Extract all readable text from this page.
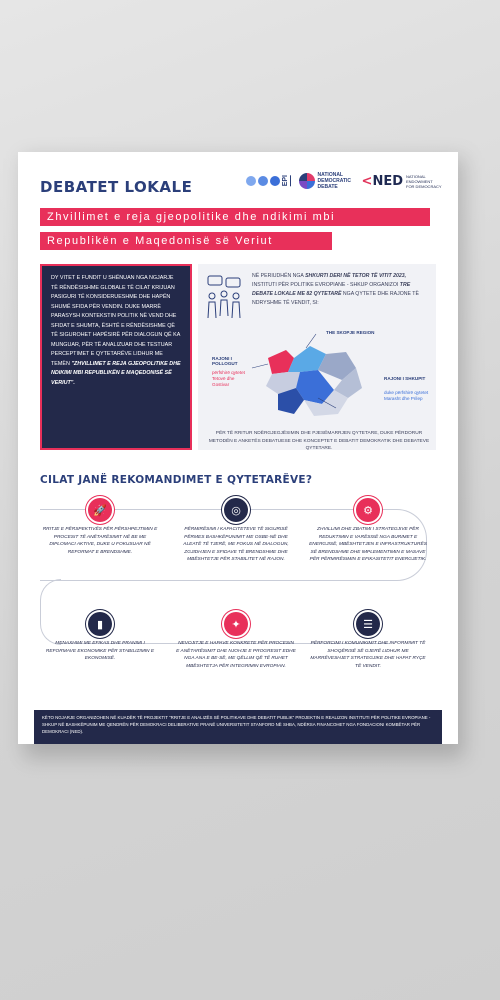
DEBATET LOKALE	EPI
NATIONAL DEMOCRATIC DEBATE	<NED NATIONAL ENDOWMENT FOR DEMOCRACY
Zhvillimet e reja gjeopolitike dhe ndikimi mbi
Republikën e Maqedonisë së Veriut
DY VITET E FUNDIT U SHËNUAN NGA NGJARJE TË RËNDËSISHME GLOBALE TË CILAT KRIJUAN PASIGURI TË KONSIDERUESHME DHE HAPËN SHUMË SFIDA PËR VENDIN. DUKE MARRË PARASYSH KONTEKSTIN POLITIK NË VEND DHE SFIDAT E SHUMTA, ËSHTË E RËNDËSISHME QË TË SIGUROHET HAPËSIRË PËR DIALOGUN QË KA MUNGUAR, PËR TË ANALIZUAR DHE TESTUAR PERCEPTIMET E QYTETARËVE LIDHUR ME TEMËN "ZHVILLIMET E REJA GJEOPOLITIKE DHE NDIKIMI MBI REPUBLIKËN E MAQEDONISË SË VERIUT".
NË PERIUDHËN NGA SHKURTI DERI NË TETOR TË VITIT 2023, INSTITUTI PËR POLITIKE EVROPIANE - SHKUP ORGANIZOI TRE DEBATE LOKALE ME 82 QYTETARË NGA QYTETE DHE RAJONE TË NDRYSHME TË VENDIT, SI:
THE SKOPJE REGION
RAJONI I POLLOGUT
përfshirë qytetet Tetovë dhe Gostivar
RAJONI I SHKUPIT
duke përfshirë qytetet Marasht dhe Prilep
PËR TË RRITUR NDËRGJEGJËSIMIN DHE PJESËMARRJEN QYTETARE, DUKE PËRDORUR METODËN E ANKETËS DEBATUESE DHE KONCEPTET E DEBATIT DEMOKRATIK DHE DEBATEVE QYTETARE.
CILAT JANË REKOMANDIMET E QYTETARËVE?
🚀
RRITJE E PËRSPEKTIVËS PËR PËRSHPEJTIMIN E PROCESIT TË ANËTARËSIMIT NË BE ME DIPLOMACI AKTIVE, DUKE U FOKUSUAR NË REFORMAT E BRENDSHME.
◎
PËRMIRËSIMI I KAPACITETEVE TË SIGURISË PËRMES BASHKËPUNIMIT ME OSBE-NË DHE ALEATË TË TJERË, ME FOKUS NË DIALOGUN, ZGJIDHJEN E SFIDAVE TË BRENDSHME DHE MBËSHTETJE PËR STABILITET NË RAJON.
⚙
ZHVILLIMI DHE ZBATIMI I STRATEGJIVE PËR REDUKTIMIN E VARËSISË NGA BURIMET E ENERGJISË, MBËSHTETJEN E INFRASTRUKTURËS SË BRENDSHME DHE IMPLEMENTIMIN E MASAVE PËR PËRMIRËSIMIN E EFIKASITETIT ENERGJETIK.
▮
MENAXHIMI ME EFIKAS DHE PRANIMI I REFORMAVE EKONOMIKE PËR STABILIZIMIN E EKONOMISË.
✦
NEVOJITJE E HAPAVE KONKRETE PËR PROCESIN E ANËTARËSIMIT DHE NJOHJE E PROGRESIT EDHE NGA ANA E BE-SË, ME QËLLIM QË TË RUHET MBËSHTETJA PËR INTEGRIMIN EVROPIAN.
☰
PËRFORCIMI I KOMUNIKIMIT DHE INFORMIMIT TË SHOQËRISË SË GJERË LIDHUR ME MARRËVESHJET STRATEGJIKE DHE HAPAT RYÇE TË VENDIT.
KËTO NGJARJE ORGANIZOHEN NË KUADËR TË PROJEKTIT "RRITJE E ANALIZËS SË POLITIKAVE DHE DEBATIT PUBLIK" PROJEKTIN E REALIZON INSTITUTI PËR POLITIKE EVROPIANE - SHKUP NË BASHKËPUNIM ME QENDRËN PËR DEMOKRACI DELIBERATIVE PRANË UNIVERSITETIT STANFORD NË SHBA, NDËRSA FINANCOHET NGA FONDACIONI KOMBËTAR PËR DEMOKRACI (NED).
